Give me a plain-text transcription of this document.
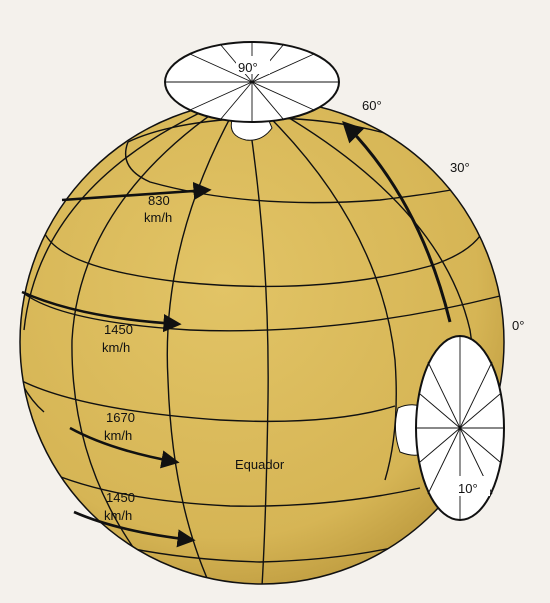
90°
60°
30°
0°
10°
Equador
830
km/h
1450
km/h
1670
km/h
1450
km/h
